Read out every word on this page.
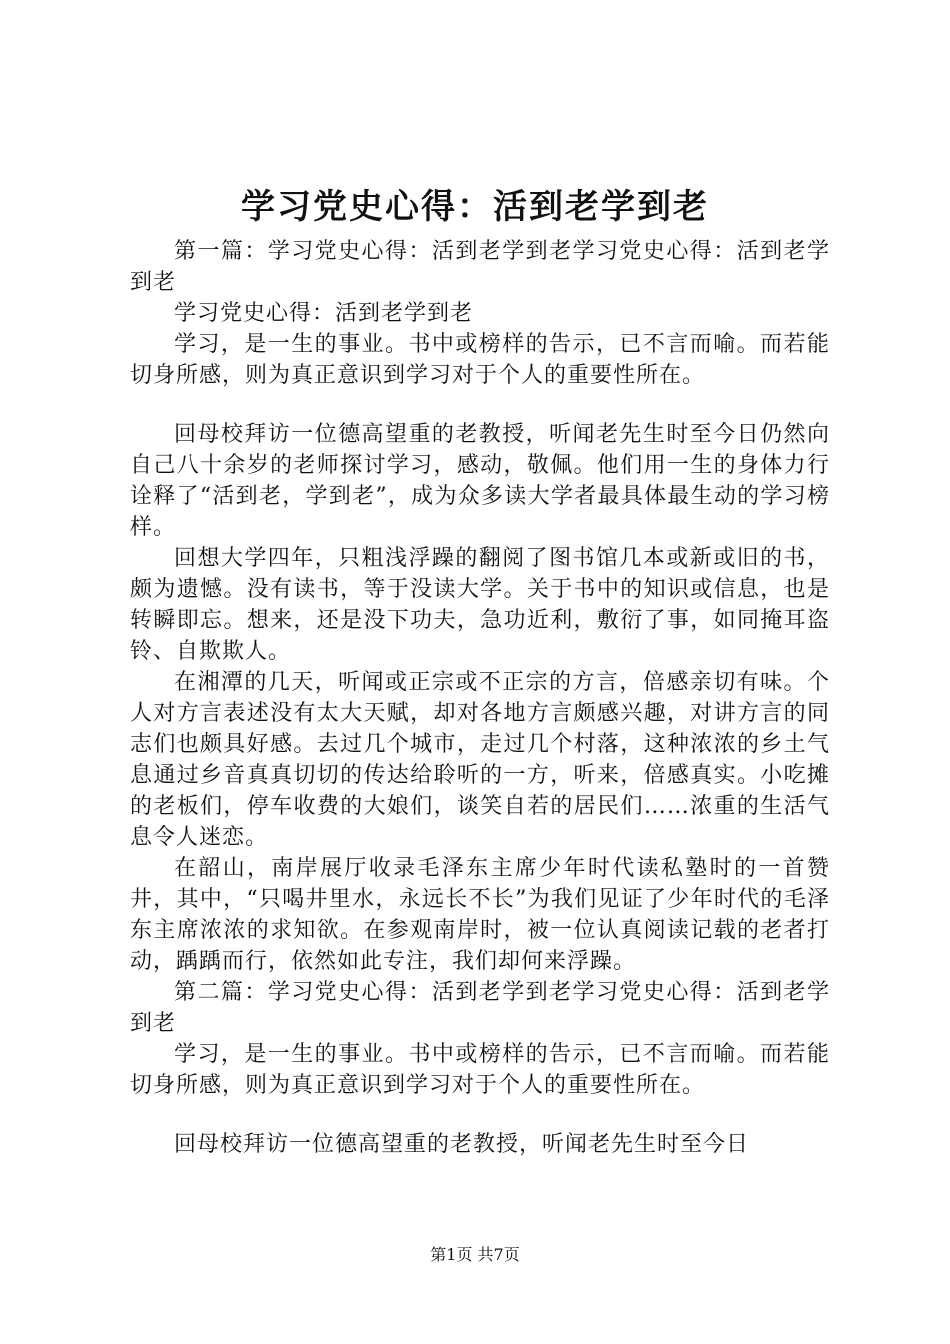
学习党史心得：活到老学到老

第一篇：学习党史心得：活到老学到老学习党史心得：活到老学到老

学习党史心得：活到老学到老

学习，是一生的事业。书中或榜样的告示，已不言而喻。而若能切身所感，则为真正意识到学习对于个人的重要性所在。

回母校拜访一位德高望重的老教授，听闻老先生时至今日仍然向自己八十余岁的老师探讨学习，感动，敬佩。他们用一生的身体力行诠释了“活到老，学到老”，成为众多读大学者最具体最生动的学习榜样。

回想大学四年，只粗浅浮躁的翻阅了图书馆几本或新或旧的书，颇为遗憾。没有读书，等于没读大学。关于书中的知识或信息，也是转瞬即忘。想来，还是没下功夫，急功近利，敷衍了事，如同掩耳盗铃、自欺欺人。

在湘潭的几天，听闻或正宗或不正宗的方言，倍感亲切有味。个人对方言表述没有太大天赋，却对各地方言颇感兴趣，对讲方言的同志们也颇具好感。去过几个城市，走过几个村落，这种浓浓的乡土气息通过乡音真真切切的传达给聆听的一方，听来，倍感真实。小吃摊的老板们，停车收费的大娘们，谈笑自若的居民们……浓重的生活气息令人迷恋。

在韶山，南岸展厅收录毛泽东主席少年时代读私塾时的一首赞井，其中，“只喝井里水，永远长不长”为我们见证了少年时代的毛泽东主席浓浓的求知欲。在参观南岸时，被一位认真阅读记载的老者打动，踽踽而行，依然如此专注，我们却何来浮躁。

第二篇：学习党史心得：活到老学到老学习党史心得：活到老学到老

学习，是一生的事业。书中或榜样的告示，已不言而喻。而若能切身所感，则为真正意识到学习对于个人的重要性所在。

回母校拜访一位德高望重的老教授，听闻老先生时至今日

第1页 共7页
